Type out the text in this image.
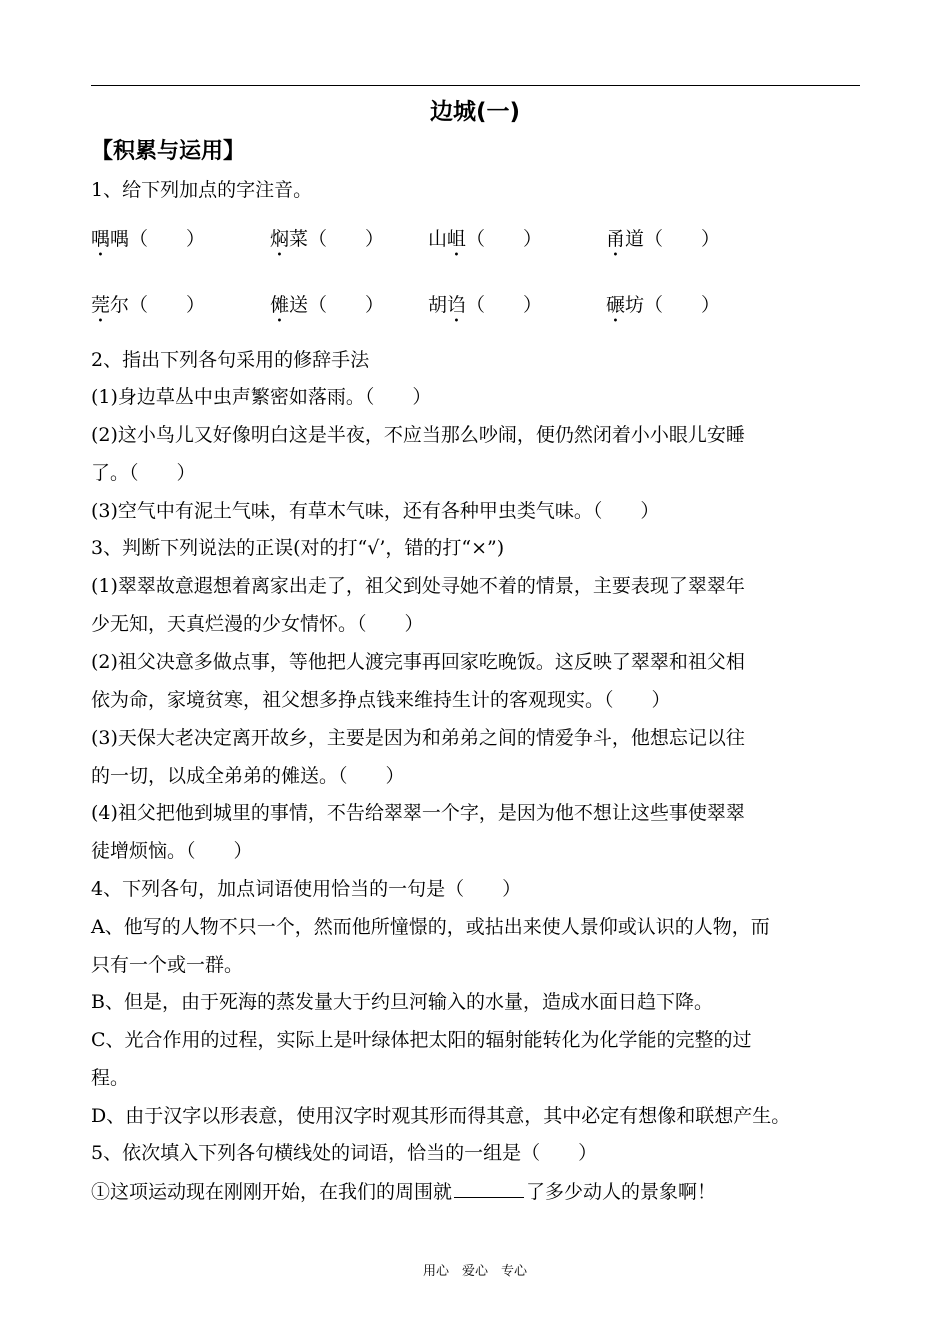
边城(一)
【积累与运用】
1、给下列加点的字注音。
喁喁（　　）	焖菜（　　） 山岨（　　）	甬道（　　）
莞尔（　　）	傩送（　　） 胡诌（　　）	碾坊（　　）
2、指出下列各句采用的修辞手法
(1)身边草丛中虫声繁密如落雨。（　　）
(2)这小鸟儿又好像明白这是半夜，不应当那么吵闹，便仍然闭着小小眼儿安睡
了。（　　）
(3)空气中有泥土气味，有草木气味，还有各种甲虫类气味。（　　）
3、判断下列说法的正误(对的打“√’，错的打“×”)
(1)翠翠故意遐想着离家出走了，祖父到处寻她不着的情景，主要表现了翠翠年
少无知，天真烂漫的少女情怀。（　　）
(2)祖父决意多做点事，等他把人渡完事再回家吃晚饭。这反映了翠翠和祖父相
依为命，家境贫寒，祖父想多挣点钱来维持生计的客观现实。（　　）
(3)天保大老决定离开故乡，主要是因为和弟弟之间的情爱争斗，他想忘记以往
的一切，以成全弟弟的傩送。（　　）
(4)祖父把他到城里的事情，不告给翠翠一个字，是因为他不想让这些事使翠翠
徒增烦恼。（　　）
4、下列各句，加点词语使用恰当的一句是（　　）
A、他写的人物不只一个，然而他所憧憬的，或拈出来使人景仰或认识的人物，而
只有一个或一群。
B、但是，由于死海的蒸发量大于约旦河输入的水量，造成水面日趋下降。
C、光合作用的过程，实际上是叶绿体把太阳的辐射能转化为化学能的完整的过
程。
D、由于汉字以形表意，使用汉字时观其形而得其意，其中必定有想像和联想产生。
5、依次填入下列各句横线处的词语，恰当的一组是（　　）
①这项运动现在刚刚开始，在我们的周围就	了多少动人的景象啊！
用心　爱心　专心
